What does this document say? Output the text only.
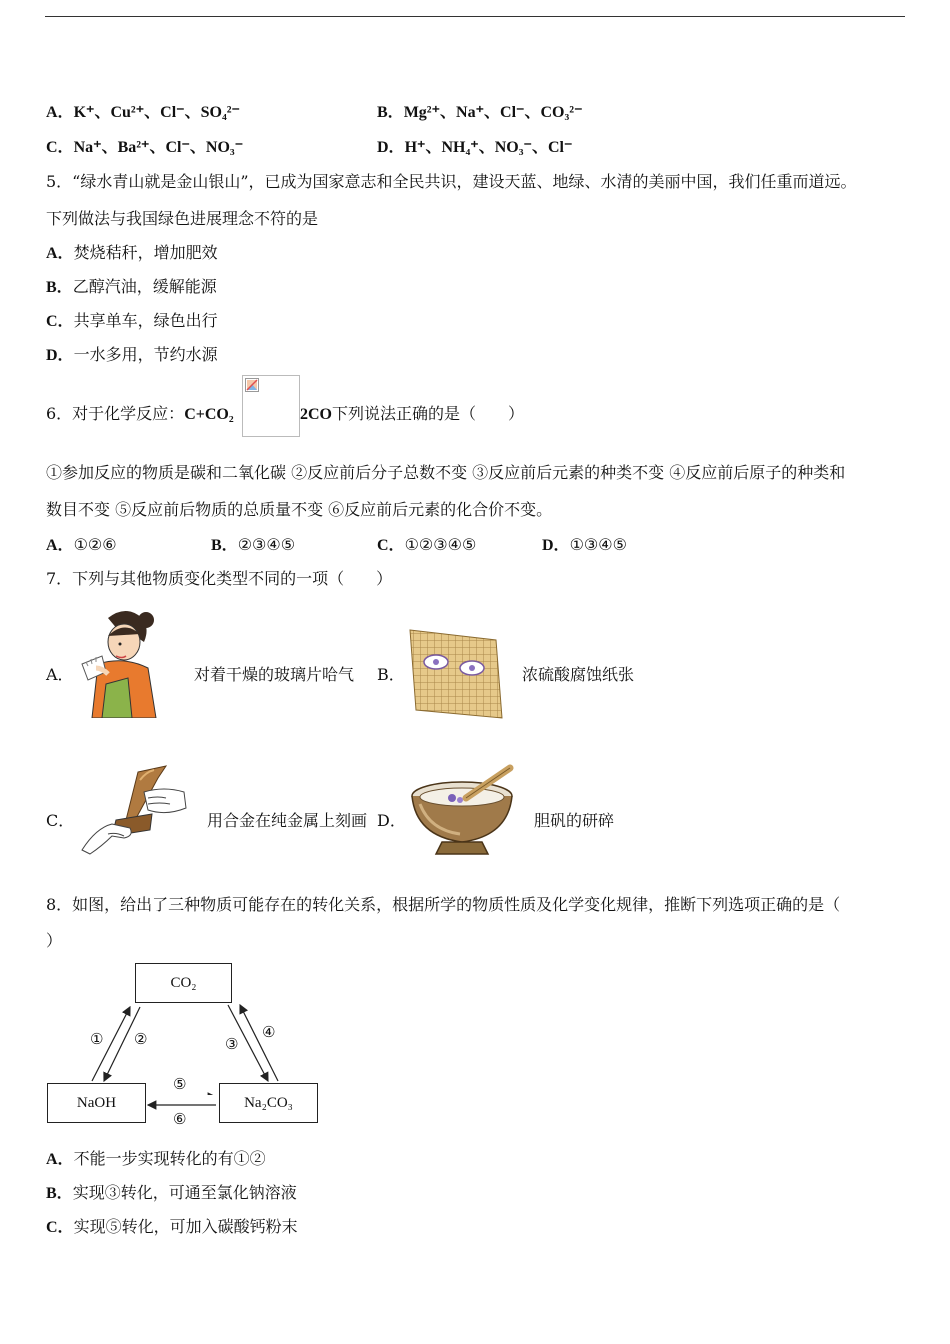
A．K⁺、Cu²⁺、Cl⁻、SO₄²⁻	B．Mg²⁺、Na⁺、Cl⁻、CO₃²⁻
C．Na⁺、Ba²⁺、Cl⁻、NO₃⁻	D．H⁺、NH₄⁺、NO₃⁻、Cl⁻
5．“绿水青山就是金山银山”，已成为国家意志和全民共识，建设天蓝、地绿、水清的美丽中国，我们任重而道远。
下列做法与我国绿色进展理念不符的是
A．焚烧秸秆，增加肥效
B．乙醇汽油，缓解能源
C．共享单车，绿色出行
D．一水多用，节约水源
6．对于化学反应：C+CO₂	2CO下列说法正确的是（　　）
①参加反应的物质是碳和二氧化碳 ②反应前后分子总数不变 ③反应前后元素的种类不变 ④反应前后原子的种类和
数目不变 ⑤反应前后物质的总质量不变 ⑥反应前后元素的化合价不变。
A．①②⑥	B．②③④⑤	C．①②③④⑤	D．①③④⑤
7．下列与其他物质变化类型不同的一项（　　）
A．	对着干燥的玻璃片哈气 B．	浓硫酸腐蚀纸张
C．	用合金在纯金属上刻画 D．	胆矾的研碎
8．如图，给出了三种物质可能存在的转化关系，根据所学的物质性质及化学变化规律，推断下列选项正确的是（
）
CO₂
NaOH	Na₂CO₃
① ②	③
④
⑤
⑥
A．不能一步实现转化的有①②
B．实现③转化，可通至氯化钠溶液
C．实现⑤转化，可加入碳酸钙粉末
